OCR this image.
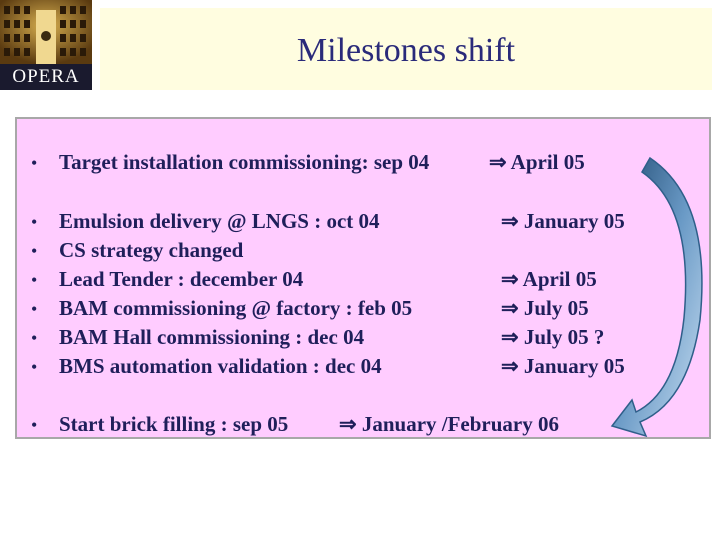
OPERA
Milestones shift
• Target installation commissioning: sep 04	⇒ April 05
• Emulsion delivery @ LNGS : oct 04	⇒ January 05
• CS strategy changed
• Lead Tender : december 04	⇒ April 05
• BAM commissioning @ factory : feb 05	⇒ July 05
• BAM Hall commissioning : dec 04	⇒ July 05 ?
• BMS automation validation : dec 04	⇒ January 05
• Start brick filling : sep 05 ⇒ January /February 06
